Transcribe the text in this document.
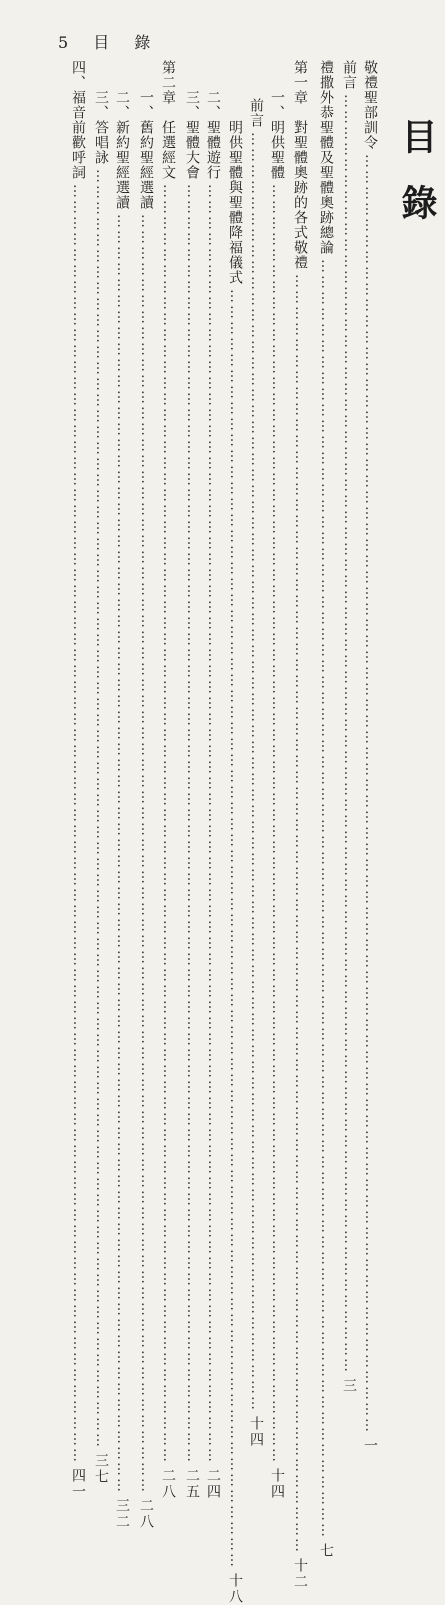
5 目 錄
目錄
敬禮聖部訓令
……………………………………………………………………………………………………………………………………………………………………………………………………………………
一
前言
……………………………………………………………………………………………………………………………………………………………………………………………………………………
三
禮撒外恭聖體及聖體奧跡總論
……………………………………………………………………………………………………………………………………………………………………………………………………………………
七
第一章　對聖體奧跡的各式敬禮
……………………………………………………………………………………………………………………………………………………………………………………………………………………
十二
一、明供聖體
……………………………………………………………………………………………………………………………………………………………………………………………………………………
十四
前言
……………………………………………………………………………………………………………………………………………………………………………………………………………………
十四
明供聖體與聖體降福儀式
……………………………………………………………………………………………………………………………………………………………………………………………………………………
十八
二、聖體遊行
……………………………………………………………………………………………………………………………………………………………………………………………………………………
二四
三、聖體大會
……………………………………………………………………………………………………………………………………………………………………………………………………………………
二五
第二章　任選經文
……………………………………………………………………………………………………………………………………………………………………………………………………………………
二八
一、舊約聖經選讀
……………………………………………………………………………………………………………………………………………………………………………………………………………………
二八
二、新約聖經選讀
……………………………………………………………………………………………………………………………………………………………………………………………………………………
三二
三、答唱詠
……………………………………………………………………………………………………………………………………………………………………………………………………………………
三七
四、福音前歡呼詞
……………………………………………………………………………………………………………………………………………………………………………………………………………………
四一
